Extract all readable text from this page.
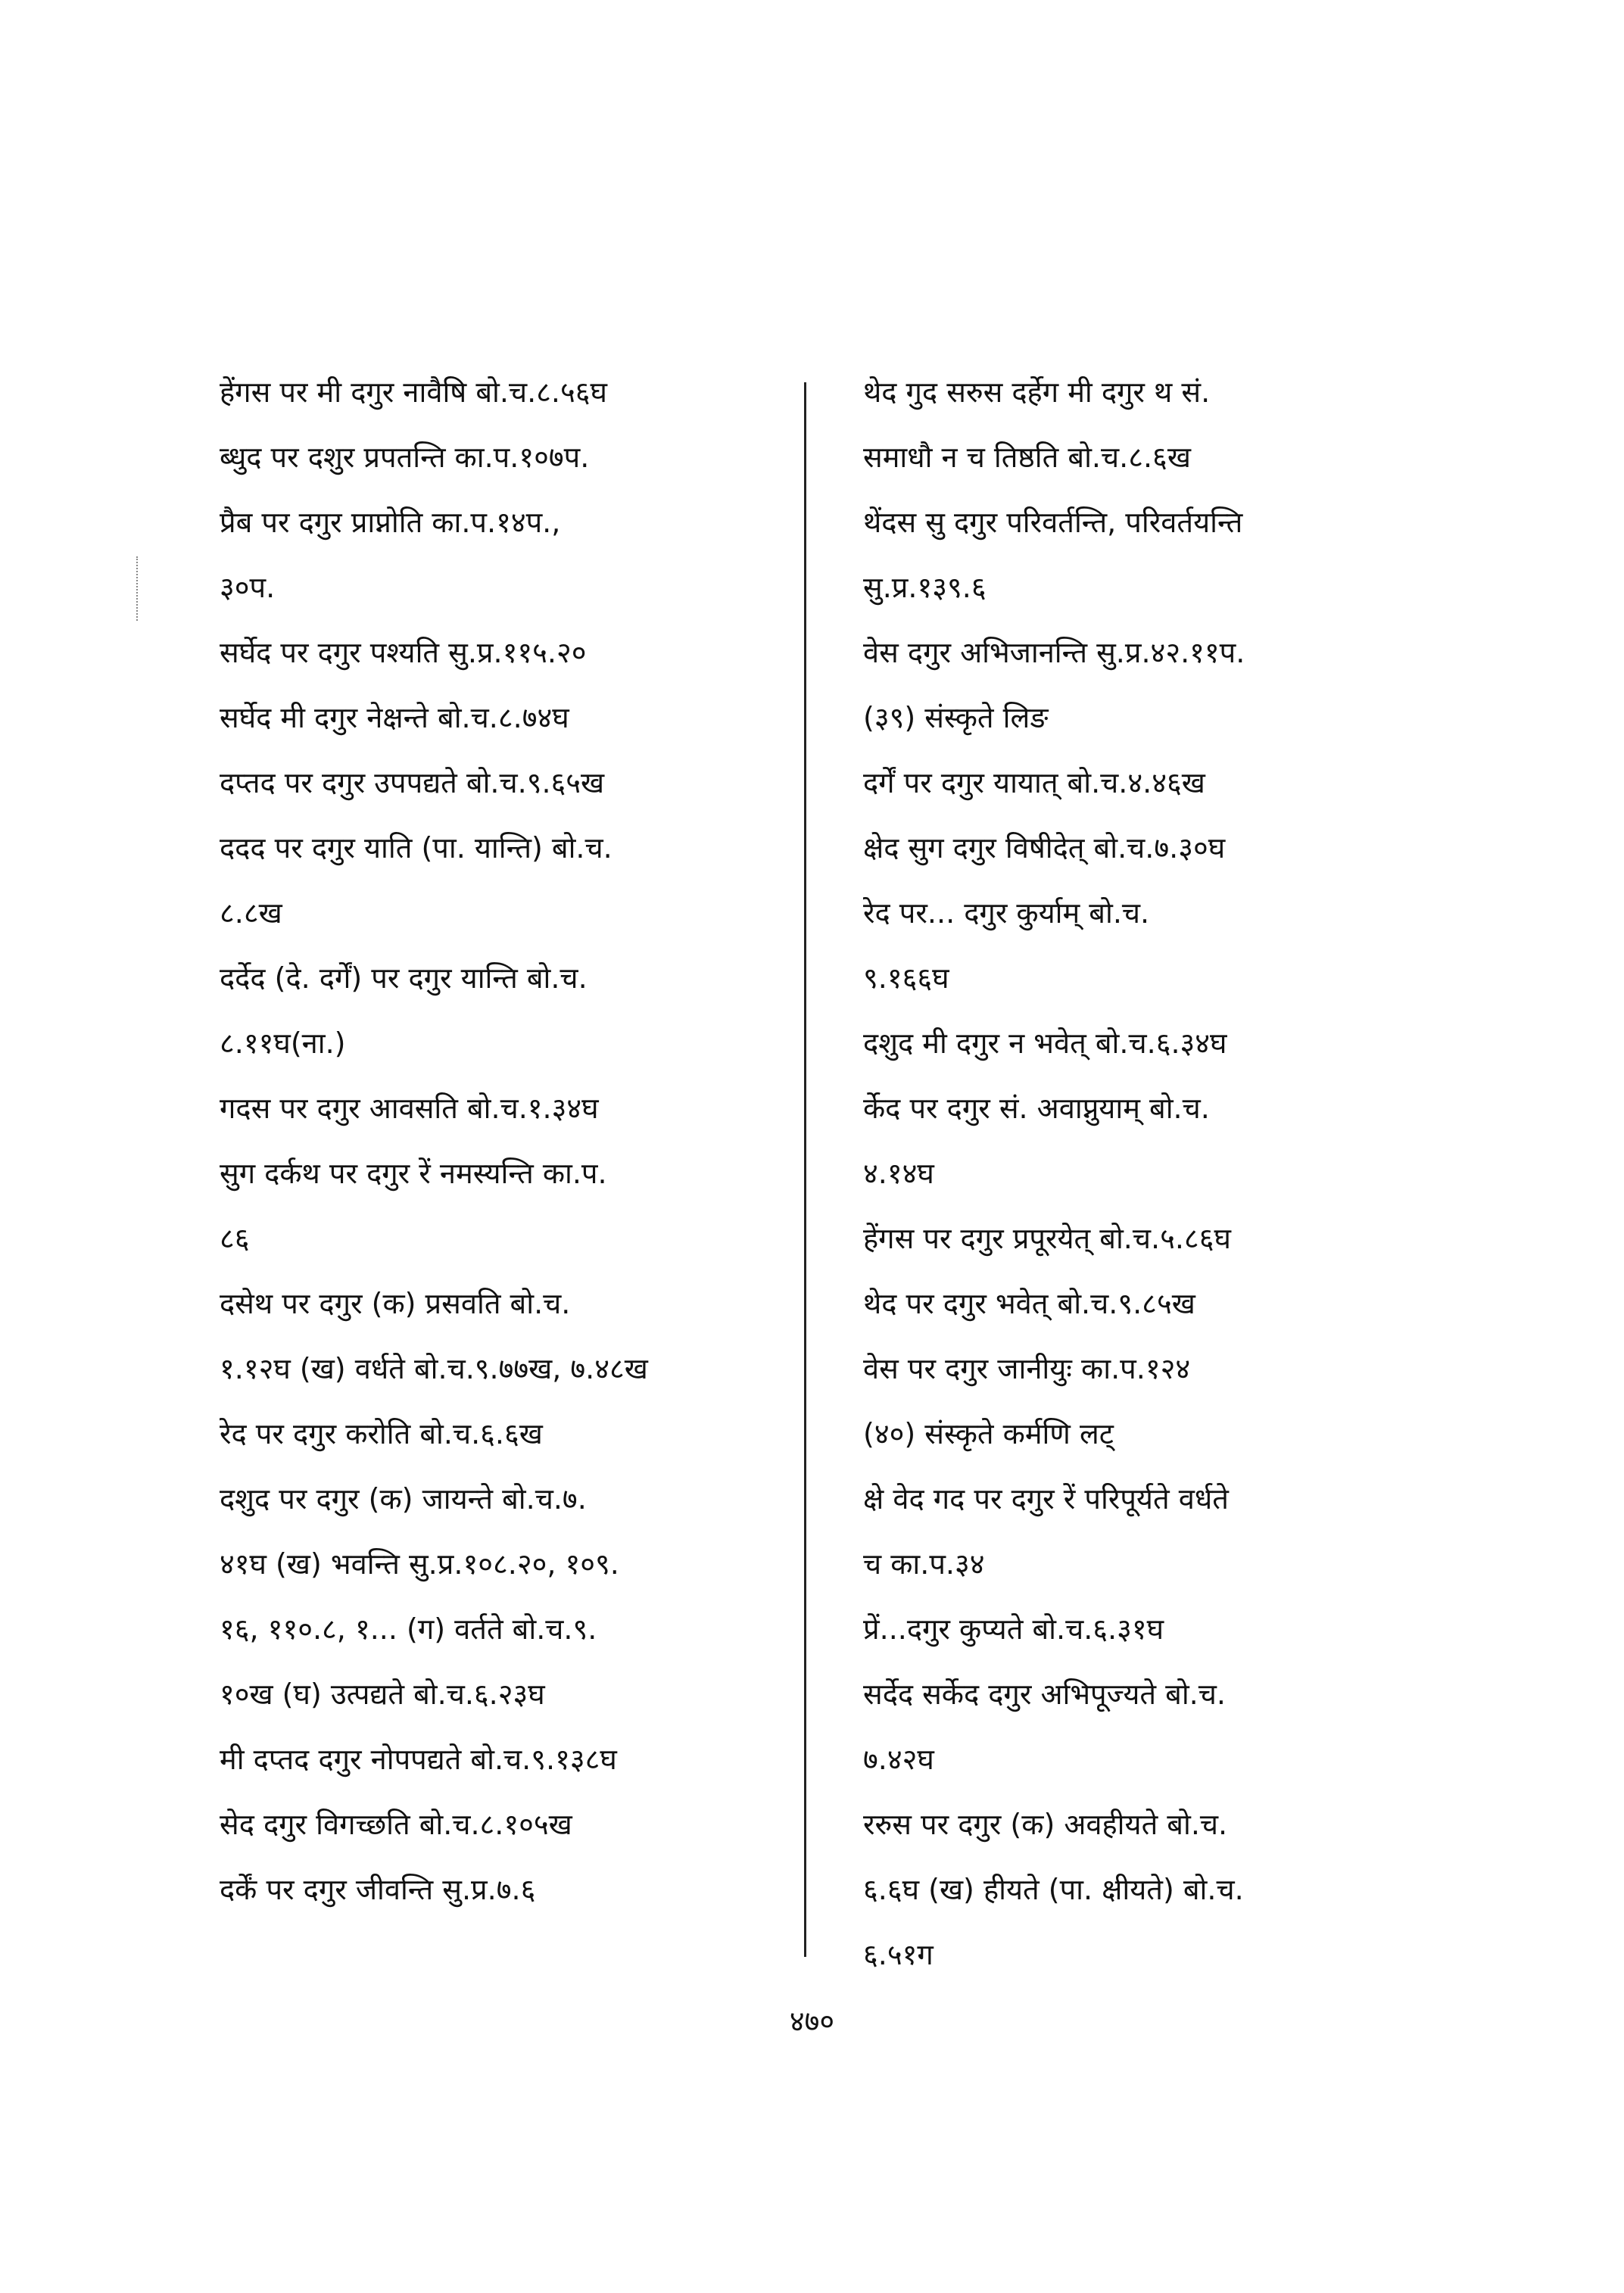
हेंगस पर मी दगुर नावैषि बो.च.८.५६घ
ब्धुद पर दशुर प्रपतन्ति का.प.१०७प.
प्रैब पर दगुर प्राप्नोति का.प.१४प.,
३०प.
सर्घेद पर दगुर पश्यति सु.प्र.११५.२०
सर्घेद मी दगुर नेक्षन्ते बो.च.८.७४घ
दप्तद पर दगुर उपपद्यते बो.च.९.६५ख
ददद पर दगुर याति (पा. यान्ति) बो.च.
८.८ख
दर्देद (दे. दर्गें) पर दगुर यान्ति बो.च.
८.११घ(ना.)
गदस पर दगुर आवसति बो.च.१.३४घ
सुग दर्कथ पर दगुर रें नमस्यन्ति का.प.
८६
दसेथ पर दगुर (क) प्रसवति बो.च.
१.१२घ (ख) वर्धते बो.च.९.७७ख, ७.४८ख
रेद पर दगुर करोति बो.च.६.६ख
दशुद पर दगुर (क) जायन्ते बो.च.७.
४१घ (ख) भवन्ति सु.प्र.१०८.२०, १०९.
१६, ११०.८, १... (ग) वर्तते बो.च.९.
१०ख (घ) उत्पद्यते बो.च.६.२३घ
मी दप्तद दगुर नोपपद्यते बो.च.९.१३८घ
सेद दगुर विगच्छति बो.च.८.१०५ख
दर्कें पर दगुर जीवन्ति सु.प्र.७.६
थेद गुद सरुस दर्हेग मी दगुर थ सं.
समाधौ न च तिष्ठति बो.च.८.६ख
थेंदस सु दगुर परिवर्तन्ति, परिवर्तयन्ति
सु.प्र.१३९.६
वेस दगुर अभिजानन्ति सु.प्र.४२.११प.
(३९) संस्कृते लिङ
दर्गें पर दगुर यायात् बो.च.४.४६ख
क्षेद सुग दगुर विषीदेत् बो.च.७.३०घ
रेद पर... दगुर कुर्याम् बो.च.
९.१६६घ
दशुद मी दगुर न भवेत् बो.च.६.३४घ
र्केद पर दगुर सं. अवाप्नुयाम् बो.च.
४.१४घ
हेंगस पर दगुर प्रपूरयेत् बो.च.५.८६घ
थेद पर दगुर भवेत् बो.च.९.८५ख
वेस पर दगुर जानीयुः का.प.१२४
(४०) संस्कृते कर्मणि लट्
क्षे वेद गद पर दगुर रें परिपूर्यते वर्धते
च का.प.३४
प्रें...दगुर कुप्यते बो.च.६.३१घ
सर्देद सर्केद दगुर अभिपूज्यते बो.च.
७.४२घ
ररुस पर दगुर (क) अवहीयते बो.च.
६.६घ (ख) हीयते (पा. क्षीयते) बो.च.
६.५१ग
४७०
